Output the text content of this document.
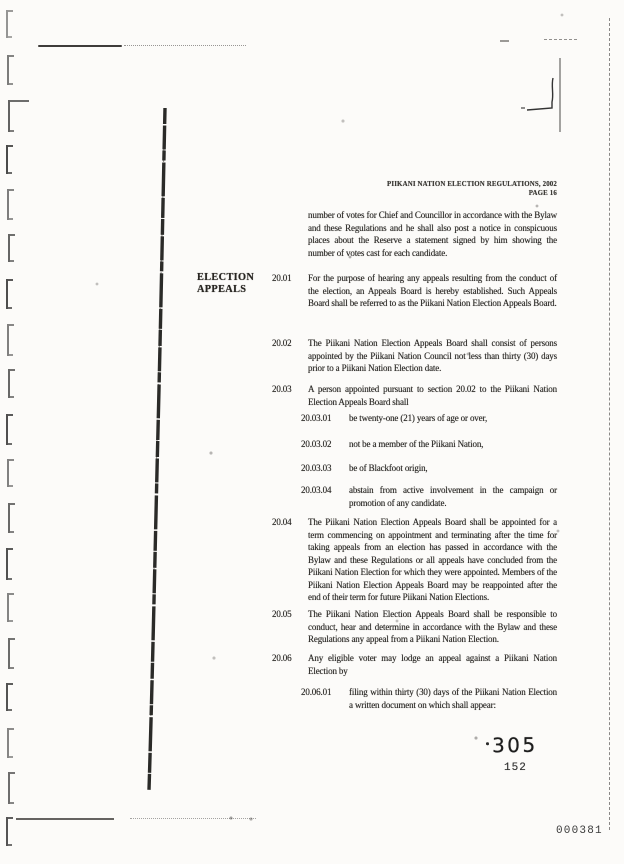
PIIKANI NATION ELECTION REGULATIONS, 2002
PAGE 16
number of votes for Chief and Councillor in accordance with the Bylaw and these Regulations and he shall also post a notice in conspicuous places about the Reserve a statement signed by him showing the number of votes cast for each candidate.
ELECTION
APPEALS
20.01	For the purpose of hearing any appeals resulting from the conduct of the election, an Appeals Board is hereby established. Such Appeals Board shall be referred to as the Piikani Nation Election Appeals Board.
20.02	The Piikani Nation Election Appeals Board shall consist of persons appointed by the Piikani Nation Council not less than thirty (30) days prior to a Piikani Nation Election date.
20.03	A person appointed pursuant to section 20.02 to the Piikani Nation Election Appeals Board shall
20.03.01	be twenty-one (21) years of age or over,
20.03.02	not be a member of the Piikani Nation,
20.03.03	be of Blackfoot origin,
20.03.04	abstain from active involvement in the campaign or promotion of any candidate.
20.04	The Piikani Nation Election Appeals Board shall be appointed for a term commencing on appointment and terminating after the time for taking appeals from an election has passed in accordance with the Bylaw and these Regulations or all appeals have concluded from the Piikani Nation Election for which they were appointed. Members of the Piikani Nation Election Appeals Board may be reappointed after the end of their term for future Piikani Nation Elections.
20.05	The Piikani Nation Election Appeals Board shall be responsible to conduct, hear and determine in accordance with the Bylaw and these Regulations any appeal from a Piikani Nation Election.
20.06	Any eligible voter may lodge an appeal against a Piikani Nation Election by
20.06.01	filing within thirty (30) days of the Piikani Nation Election a written document on which shall appear:
305
152
000381
